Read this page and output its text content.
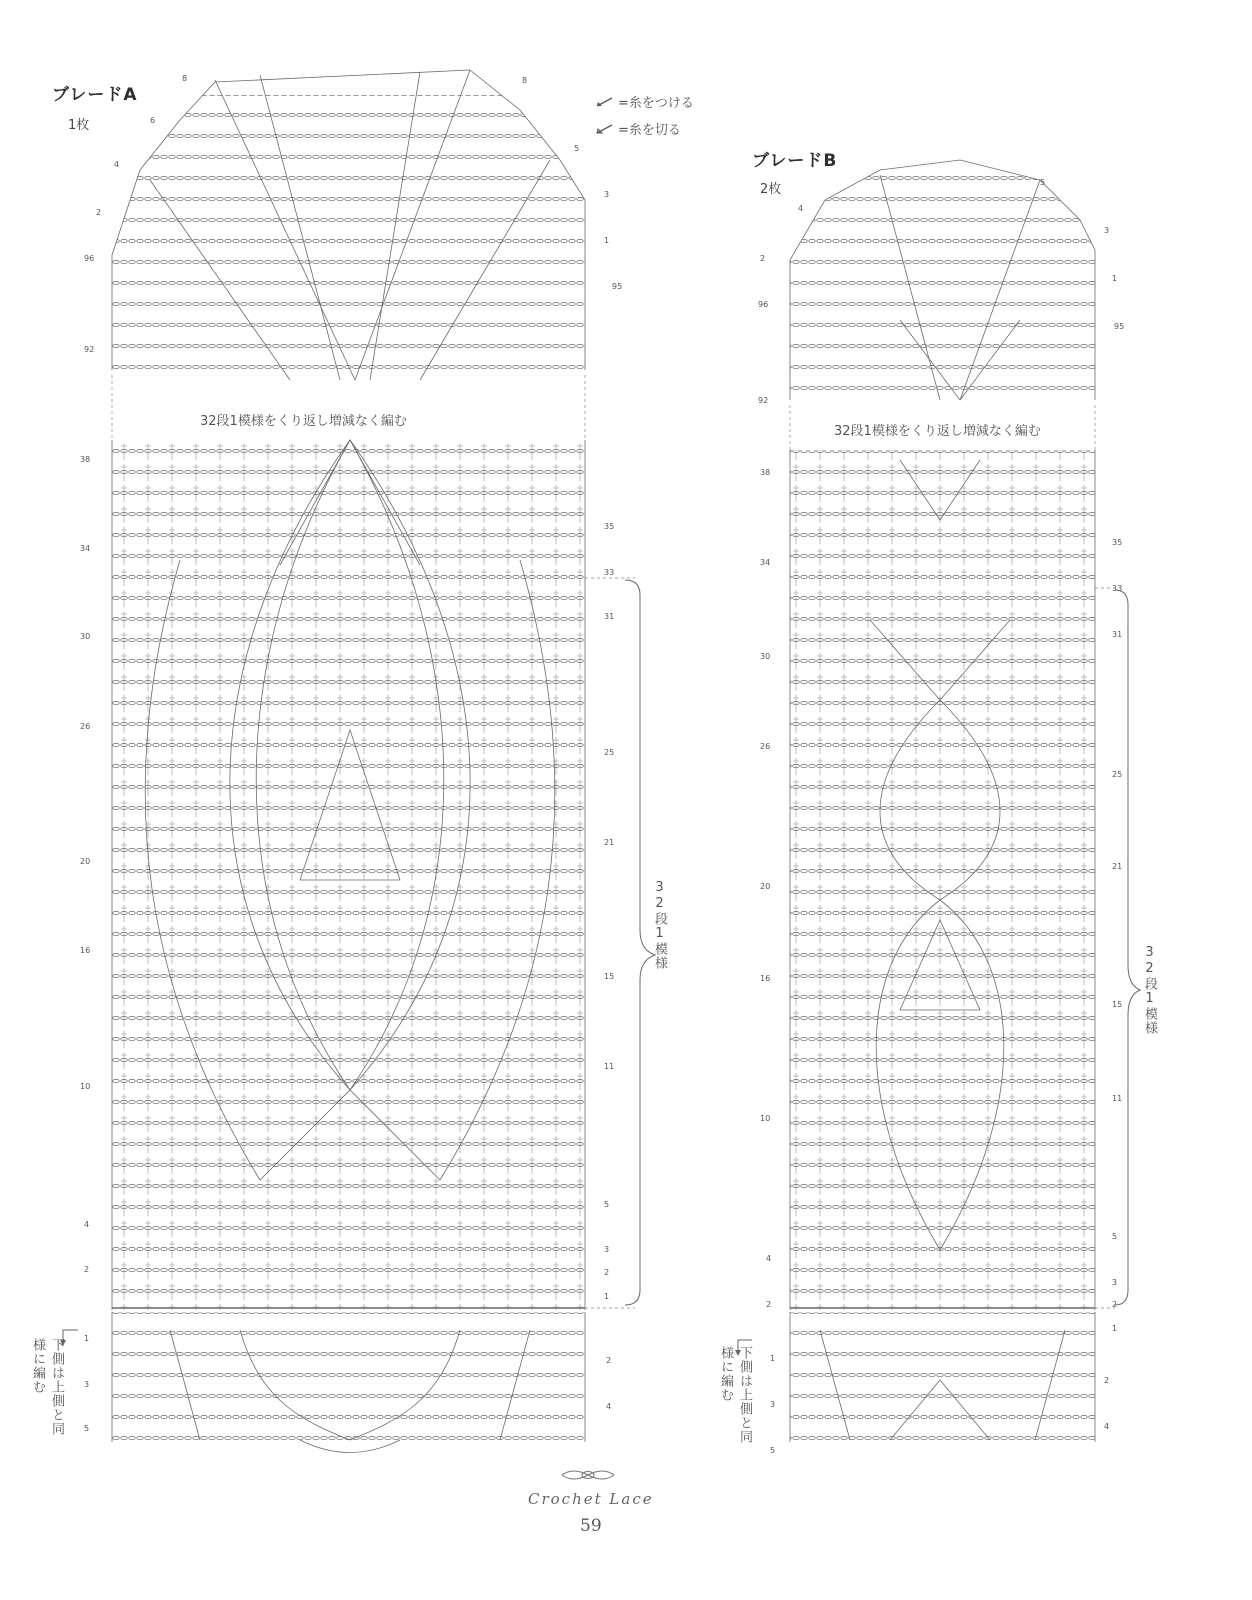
ブレードA
1枚
32段1模様をくり返し増減なく編む
8
6
4
2
96
92
8
5
3
1
95
38
34
30
26
20
16
10
4
2
35
33
31
25
21
15
11
5
3
2
1
1
3
5
2
4
32段1模様
下側は上側と同様に編む
=糸をつける
=糸を切る
ブレードB
2枚
32段1模様をくり返し増減なく編む
4
2
96
92
5
3
1
95
38
34
30
26
20
16
10
4
2
35
33
31
25
21
15
11
5
3
2
1
1
3
5
2
4
32段1模様
下側は上側と同様に編む
Crochet Lace
59
